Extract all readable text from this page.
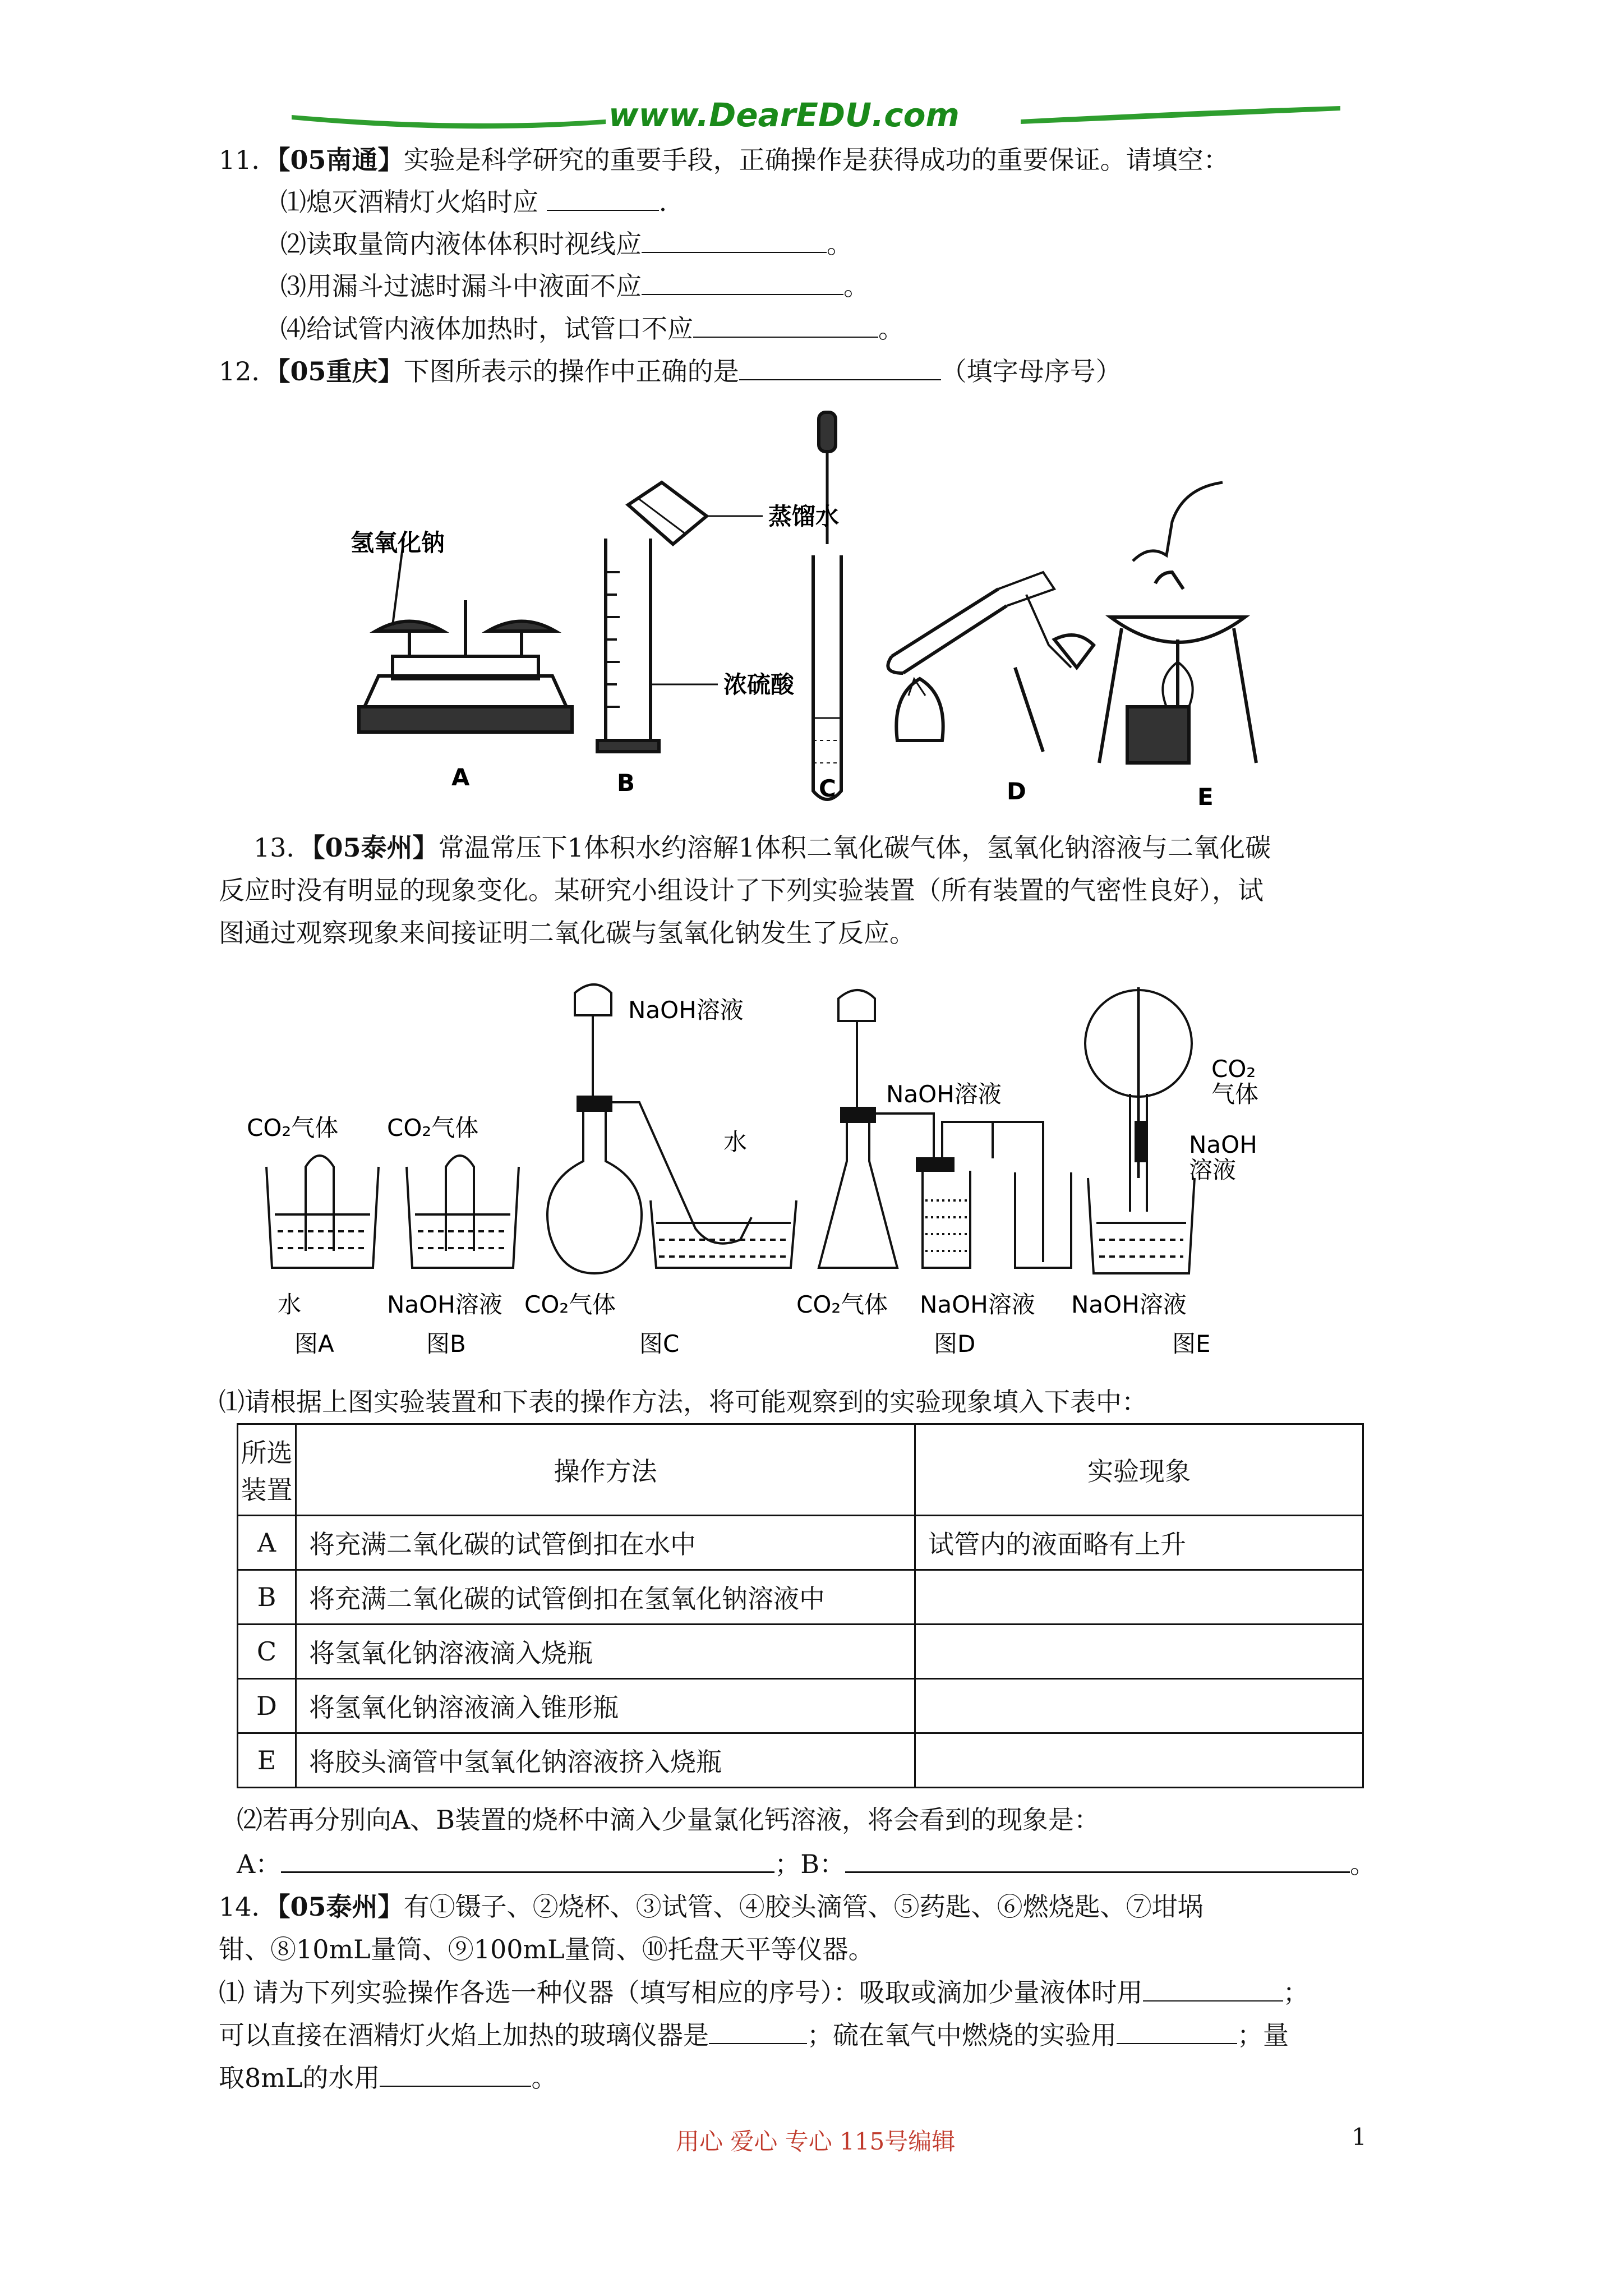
www.DearEDU.com
11．【05南通】实验是科学研究的重要手段，正确操作是获得成功的重要保证。请填空：
⑴熄灭酒精灯火焰时应	.
⑵读取量筒内液体体积时视线应	。
⑶用漏斗过滤时漏斗中液面不应	。
⑷给试管内液体加热时，试管口不应	。
12．【05重庆】下图所表示的操作中正确的是	（填字母序号）
氢氧化钠
蒸馏水
浓硫酸
A	B	C	D	E
13．【05泰州】常温常压下1体积水约溶解1体积二氧化碳气体，氢氧化钠溶液与二氧化碳
反应时没有明显的现象变化。某研究小组设计了下列实验装置（所有装置的气密性良好），试
图通过观察现象来间接证明二氧化碳与氢氧化钠发生了反应。
CO₂气体
水
CO₂气体
NaOH溶液
NaOH溶液
水
CO₂气体
NaOH溶液
CO₂气体 NaOH溶液
CO₂
气体
NaOH
溶液
NaOH溶液
图A	图B	图C	图D	图E
⑴请根据上图实验装置和下表的操作方法，将可能观察到的实验现象填入下表中：
所选
装置	操作方法	实验现象
A	将充满二氧化碳的试管倒扣在水中	试管内的液面略有上升
B	将充满二氧化碳的试管倒扣在氢氧化钠溶液中	
C	将氢氧化钠溶液滴入烧瓶	
D	将氢氧化钠溶液滴入锥形瓶	
E	将胶头滴管中氢氧化钠溶液挤入烧瓶	
⑵若再分别向A、B装置的烧杯中滴入少量氯化钙溶液，将会看到的现象是：
A：	；B：	。
14．【05泰州】有①镊子、②烧杯、③试管、④胶头滴管、⑤药匙、⑥燃烧匙、⑦坩埚
钳、⑧10mL量筒、⑨100mL量筒、⑩托盘天平等仪器。
⑴ 请为下列实验操作各选一种仪器（填写相应的序号）：吸取或滴加少量液体时用	；
可以直接在酒精灯火焰上加热的玻璃仪器是	；硫在氧气中燃烧的实验用	；量
取8mL的水用	。
用心 爱心 专心 115号编辑	1
